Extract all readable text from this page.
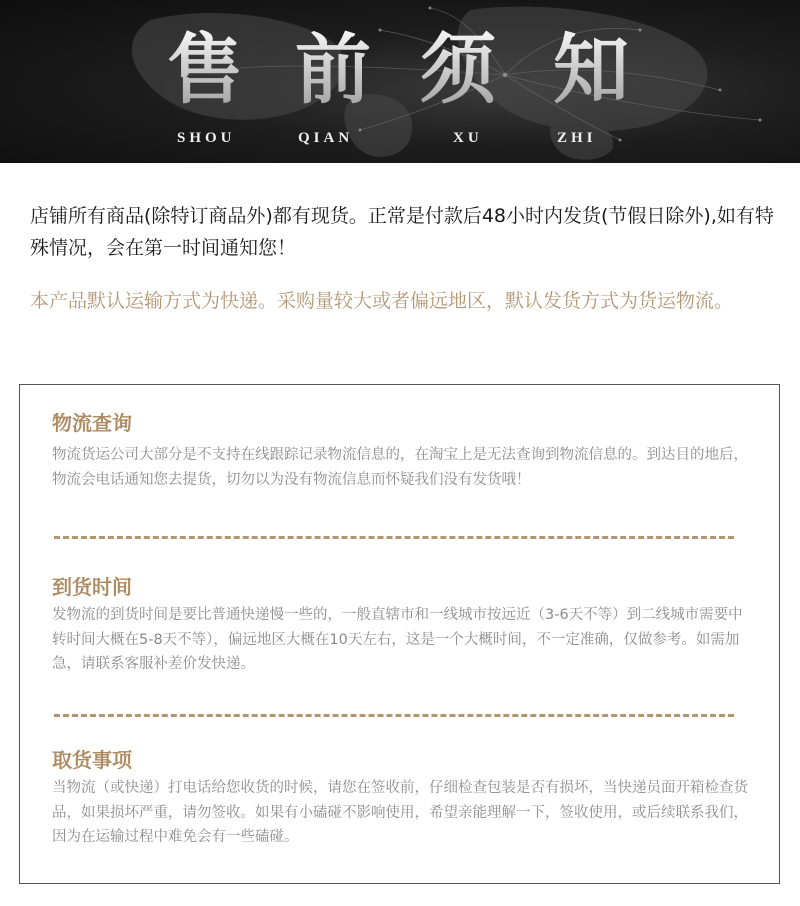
售 前 须 知
SHOU	QIAN	XU	ZHI
店铺所有商品(除特订商品外)都有现货。正常是付款后48小时内发货(节假日除外),如有特殊情况，会在第一时间通知您！
本产品默认运输方式为快递。采购量较大或者偏远地区，默认发货方式为货运物流。
物流查询
物流货运公司大部分是不支持在线跟踪记录物流信息的，在淘宝上是无法查询到物流信息的。到达目的地后，物流会电话通知您去提货，切勿以为没有物流信息而怀疑我们没有发货哦！
到货时间
发物流的到货时间是要比普通快递慢一些的，一般直辖市和一线城市按远近（3-6天不等）到二线城市需要中转时间大概在5-8天不等），偏远地区大概在10天左右，这是一个大概时间，不一定准确，仅做参考。如需加急，请联系客服补差价发快递。
取货事项
当物流（或快递）打电话给您收货的时候，请您在签收前，仔细检查包装是否有损坏，当快递员面开箱检查货品，如果损坏严重，请勿签收。如果有小磕碰不影响使用，希望亲能理解一下，签收使用，或后续联系我们，因为在运输过程中难免会有一些磕碰。
